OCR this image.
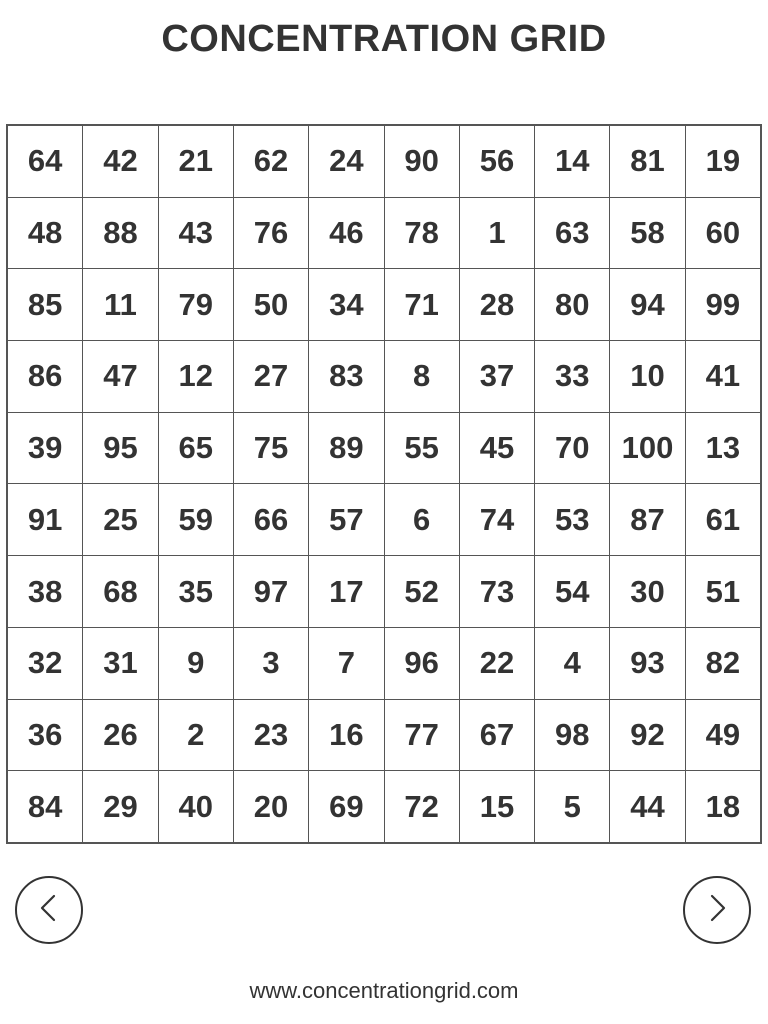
CONCENTRATION GRID
64	42	21	62	24	90	56	14	81	19
48	88	43	76	46	78	1	63	58	60
85	11	79	50	34	71	28	80	94	99
86	47	12	27	83	8	37	33	10	41
39	95	65	75	89	55	45	70	100	13
91	25	59	66	57	6	74	53	87	61
38	68	35	97	17	52	73	54	30	51
32	31	9	3	7	96	22	4	93	82
36	26	2	23	16	77	67	98	92	49
84	29	40	20	69	72	15	5	44	18
www.concentrationgrid.com
